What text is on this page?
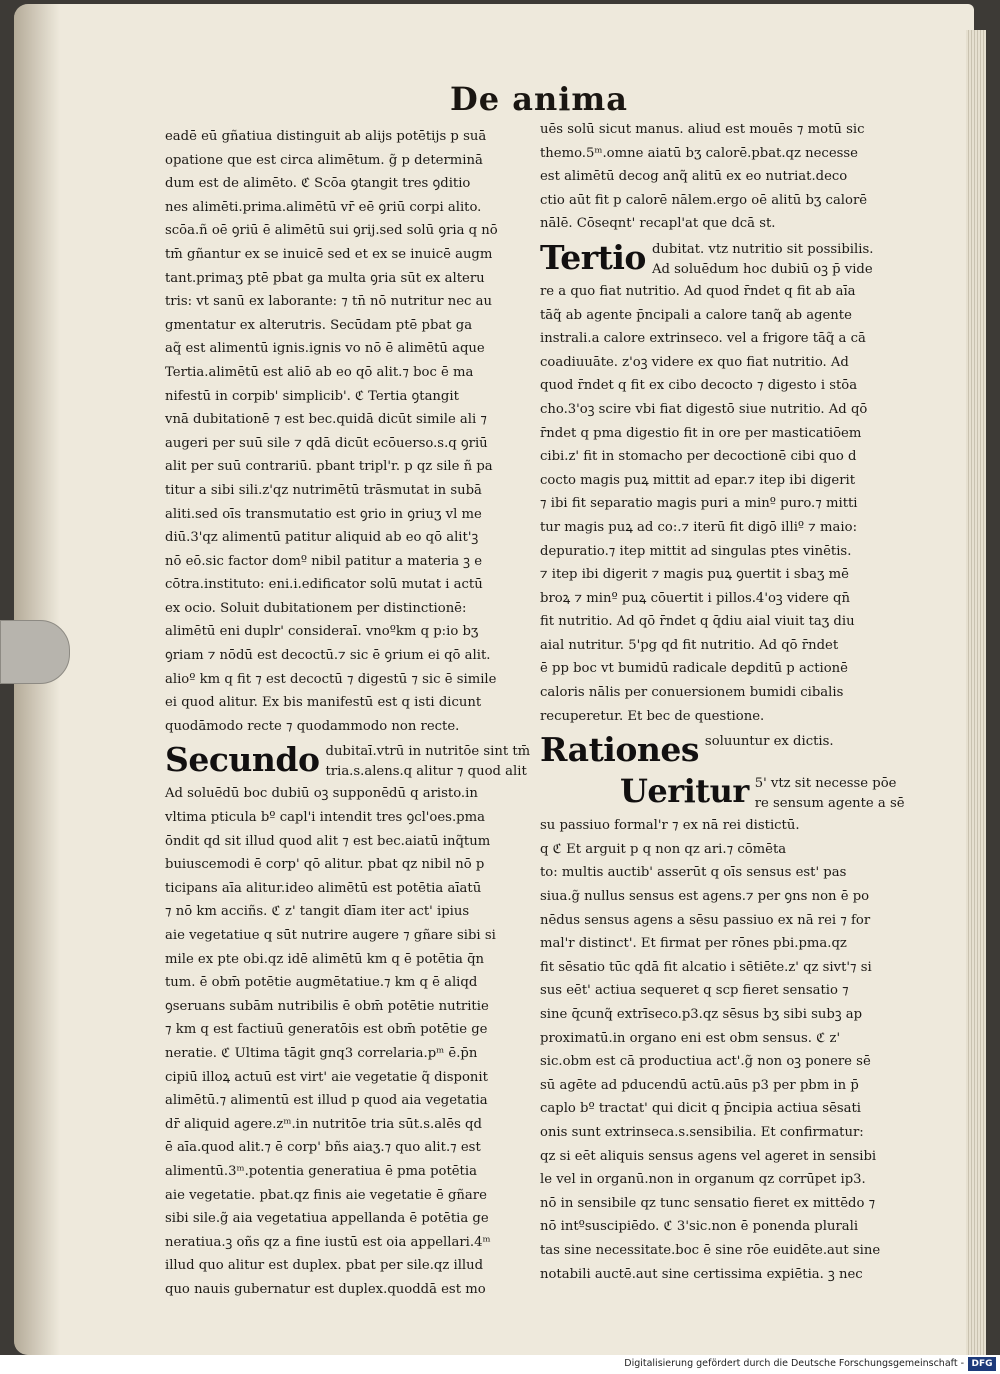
De anima

eadē eū gñatiua distinguit ab alijs potētijs p suā

opatione que est circa alimētum. g̃ p determinā

dum est de alimēto. ℭ Scōa ꝯtangit tres ꝯditio

nes alimēti.prima.alimētū vr̄ eē ꝯriū corpi alito.

scōa.ñ oē ꝯriū ē alimētū sui ꝯrij.sed solū ꝯria q nō

tm̄ gñantur ex se inuicē sed et ex se inuicē augm

tant.primaʒ ptē pbat ga multa ꝯria sūt ex alteru

tris: vt sanū ex laborante: ⁊ tn̄ nō nutritur nec au

gmentatur ex alterutris. Secūdam ptē pbat ga

aq̃ est alimentū ignis.ignis vo nō ē alimētū aque

Tertia.alimētū est aliō ab eo qō alit.⁊ boc ē ma

nifestū in corpib' simplicib'. ℭ Tertia ꝯtangit

vnā dubitationē ⁊ est bec.quidā dicūt simile ali ⁊

augeri per suū sile ⁊ qdā dicūt ecōuerso.s.q ꝯriū

alit per suū contrariū. pbant tripl'r. p qz sile ñ pa

titur a sibi sili.z'qz nutrimētū trāsmutat in subā

aliti.sed oīs transmutatio est ꝯrio in ꝯriuʒ vl me

diū.3'qz alimentū patitur aliquid ab eo qō alit'ꝫ

nō eō.sic factor domº nibil patitur a materia ꝫ e

cōtra.instituto: eni.i.edificator solū mutat i actū

ex ocio. Soluit dubitationem per distinctionē:

alimētū eni duplr' consideraī. vnoºkm q p:io bʒ

ꝯriam ⁊ nōdū est decoctū.⁊ sic ē ꝯrium ei qō alit.

alioº km q fit ⁊ est decoctū ⁊ digestū ⁊ sic ē simile

ei quod alitur. Ex bis manifestū est q isti dicunt

quodāmodo recte ⁊ quodammodo non recte.

Secundo dubitaī.vtrū in nutritōe sint tm̄
tria.s.alens.q alitur ⁊ quod alit

Ad soluēdū boc dubiū oꝫ supponēdū q aristo.in

vltima pticula bº capl'i intendit tres ꝯcl'oes.pma

ōndit qd sit illud quod alit ⁊ est bec.aiatū inq̃tum

buiuscemodi ē corp' qō alitur. pbat qz nibil nō p

ticipans aīa alitur.ideo alimētū est potētia aīatū

⁊ nō km acciñs. ℭ z' tangit dīam iter act' ipius

aie vegetatiue q sūt nutrire augere ⁊ gñare sibi si

mile ex pte obi.qz idē alimētū km q ē potētia q̄n

tum. ē obm̄ potētie augmētatiue.⁊ km q ē aliqd

ꝯseruans subām nutribilis ē obm̄ potētie nutritie

⁊ km q est factiuū generatōis est obm̄ potētie ge

neratie. ℭ Ultima tāgit gnq3 correlaria.pᵐ ē.p̄n

cipiū illoꝝ actuū est virt' aie vegetatie q̃ disponit

alimētū.⁊ alimentū est illud p quod aia vegetatia

dr̄ aliquid agere.zᵐ.in nutritōe tria sūt.s.alēs qd

ē aīa.quod alit.⁊ ē corp' bñs aiaʒ.⁊ quo alit.⁊ est

alimentū.3ᵐ.potentia generatiua ē pma potētia

aie vegetatie. pbat.qz finis aie vegetatie ē gñare

sibi sile.g̃ aia vegetatiua appellanda ē potētia ge

neratiua.ꝫ oñs qz a fine iustū est oia appellari.4ᵐ

illud quo alitur est duplex. pbat per sile.qz illud

quo nauis gubernatur est duplex.quoddā est mo

uēs solū sicut manus. aliud est mouēs ⁊ motū sic

themo.5ᵐ.omne aiatū bʒ calorē.pbat.qz necesse

est alimētū decog anq̃ alitū ex eo nutriat.deco

ctio aūt fit p calorē nālem.ergo oē alitū bʒ calorē

nālē. Cōseqnt' recapl'at que dcā st.

Tertio dubitat. vtz nutritio sit possibilis.
Ad soluēdum hoc dubiū oꝫ p̄ vide

re a quo fiat nutritio. Ad quod r̄ndet q fit ab aīa

tāq̃ ab agente p̄ncipali a calore tanq̃ ab agente

instrali.a calore extrinseco. vel a frigore tāq̃ a cā

coadiuuāte. z'oꝫ videre ex quo fiat nutritio. Ad

quod r̄ndet q fit ex cibo decocto ⁊ digesto i stōa

cho.3'oꝫ scire vbi fiat digestō siue nutritio. Ad qō

r̄ndet q pma digestio fit in ore per masticatiōem

cibi.z' fit in stomacho per decoctionē cibi quo d

cocto magis puꝝ mittit ad epar.⁊ itep ibi digerit

⁊ ibi fit separatio magis puri a minº puro.⁊ mitti

tur magis puꝝ ad co:.⁊ iterū fit digō illiº ⁊ maio:

depuratio.⁊ itep mittit ad singulas ptes vinētis.

⁊ itep ibi digerit ⁊ magis puꝝ ꝯuertit i sbaʒ mē

broꝝ ⁊ minº puꝝ cōuertit i pillos.4'oꝫ videre qn̄

fit nutritio. Ad qō r̄ndet q q̄diu aial viuit taʒ diu

aial nutritur. 5'pg qd fit nutritio. Ad qō r̄ndet

ē pp boc vt bumidū radicale deꝑditū p actionē

caloris nālis per conuersionem bumidi cibalis

recuperetur. Et bec de questione.

Rationes soluuntur ex dictis.
Ueritur 5' vtz sit necesse pōe
re sensum agente a sē

su passiuo formal'r ⁊ ex nā rei distictū.

q ℭ Et arguit p q non qz ari.⁊ cōmēta

to: multis auctib' asserūt q oīs sensus est' pas

siua.g̃ nullus sensus est agens.⁊ per ꝯns non ē po

nēdus sensus agens a sēsu passiuo ex nā rei ⁊ for

mal'r distinct'. Et firmat per rōnes pbi.pma.qz

fit sēsatio tūc qdā fit alcatio i sētiēte.z' qz sivt'⁊ si

sus eēt' actiua sequeret q scp fieret sensatio ⁊

sine q̄cunq̃ extrīseco.p3.qz sēsus bʒ sibi subꝫ ap

proximatū.in organo eni est obm sensus. ℭ z'

sic.obm est cā productiua act'.g̃ non oꝫ ponere sē

sū agēte ad pducendū actū.aūs p3 per pbm in p̄

caplo bº tractat' qui dicit q p̄ncipia actiua sēsati

onis sunt extrinseca.s.sensibilia. Et confirmatur:

qz si eēt aliquis sensus agens vel ageret in sensibi

le vel in organū.non in organum qz corrūpet ip3.

nō in sensibile qz tunc sensatio fieret ex mittēdo ⁊

nō intºsuscipiēdo. ℭ 3'sic.non ē ponenda plurali

tas sine necessitate.boc ē sine rōe euidēte.aut sine

notabili auctē.aut sine certissima expiētia. ꝫ nec

Digitalisierung gefördert durch die Deutsche Forschungsgemeinschaft - DFG
